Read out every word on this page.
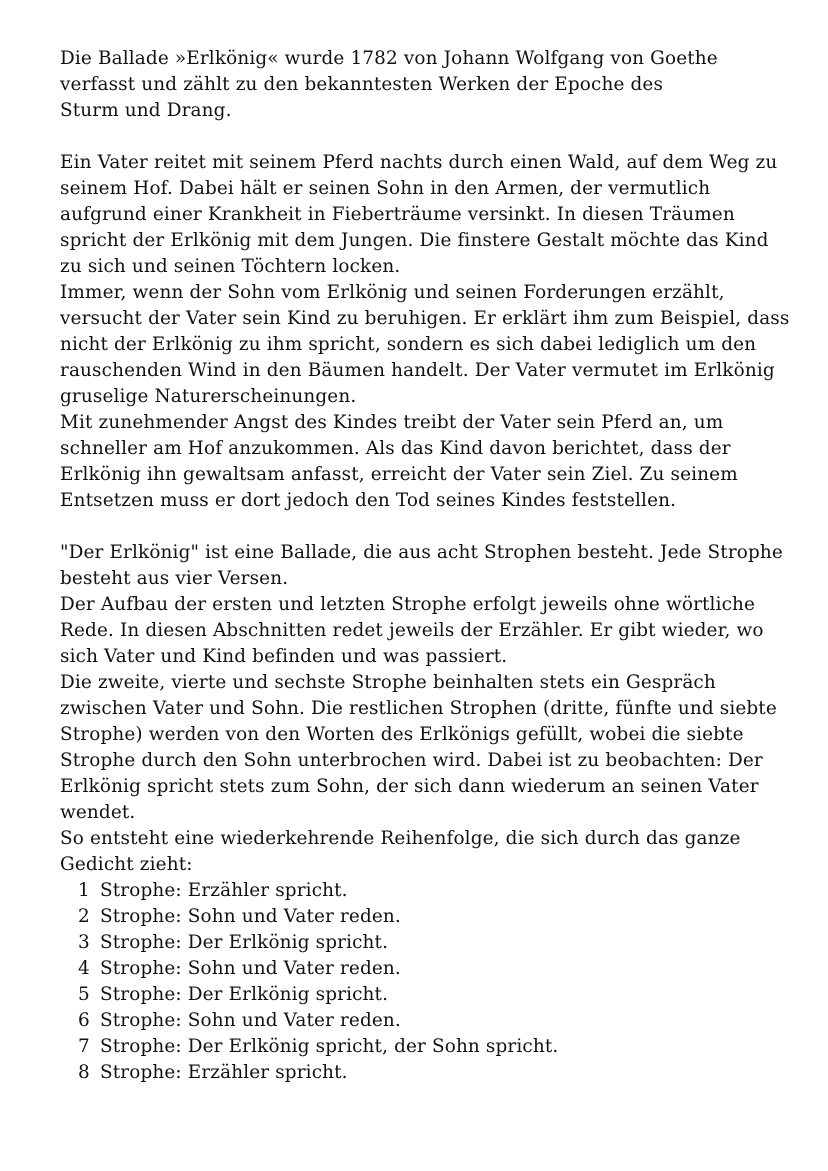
Die Ballade »Erlkönig« wurde 1782 von Johann Wolfgang von Goethe
verfasst und zählt zu den bekanntesten Werken der Epoche des
Sturm und Drang.
Ein Vater reitet mit seinem Pferd nachts durch einen Wald, auf dem Weg zu
seinem Hof. Dabei hält er seinen Sohn in den Armen, der vermutlich
aufgrund einer Krankheit in Fieberträume versinkt. In diesen Träumen
spricht der Erlkönig mit dem Jungen. Die finstere Gestalt möchte das Kind
zu sich und seinen Töchtern locken.
Immer, wenn der Sohn vom Erlkönig und seinen Forderungen erzählt,
versucht der Vater sein Kind zu beruhigen. Er erklärt ihm zum Beispiel, dass
nicht der Erlkönig zu ihm spricht, sondern es sich dabei lediglich um den
rauschenden Wind in den Bäumen handelt. Der Vater vermutet im Erlkönig
gruselige Naturerscheinungen.
Mit zunehmender Angst des Kindes treibt der Vater sein Pferd an, um
schneller am Hof anzukommen. Als das Kind davon berichtet, dass der
Erlkönig ihn gewaltsam anfasst, erreicht der Vater sein Ziel. Zu seinem
Entsetzen muss er dort jedoch den Tod seines Kindes feststellen.
"Der Erlkönig" ist eine Ballade, die aus acht Strophen besteht. Jede Strophe
besteht aus vier Versen.
Der Aufbau der ersten und letzten Strophe erfolgt jeweils ohne wörtliche
Rede. In diesen Abschnitten redet jeweils der Erzähler. Er gibt wieder, wo
sich Vater und Kind befinden und was passiert.
Die zweite, vierte und sechste Strophe beinhalten stets ein Gespräch
zwischen Vater und Sohn. Die restlichen Strophen (dritte, fünfte und siebte
Strophe) werden von den Worten des Erlkönigs gefüllt, wobei die siebte
Strophe durch den Sohn unterbrochen wird. Dabei ist zu beobachten: Der
Erlkönig spricht stets zum Sohn, der sich dann wiederum an seinen Vater
wendet.
So entsteht eine wiederkehrende Reihenfolge, die sich durch das ganze
Gedicht zieht:
1 Strophe: Erzähler spricht.
2 Strophe: Sohn und Vater reden.
3 Strophe: Der Erlkönig spricht.
4 Strophe: Sohn und Vater reden.
5 Strophe: Der Erlkönig spricht.
6 Strophe: Sohn und Vater reden.
7 Strophe: Der Erlkönig spricht, der Sohn spricht.
8 Strophe: Erzähler spricht.
